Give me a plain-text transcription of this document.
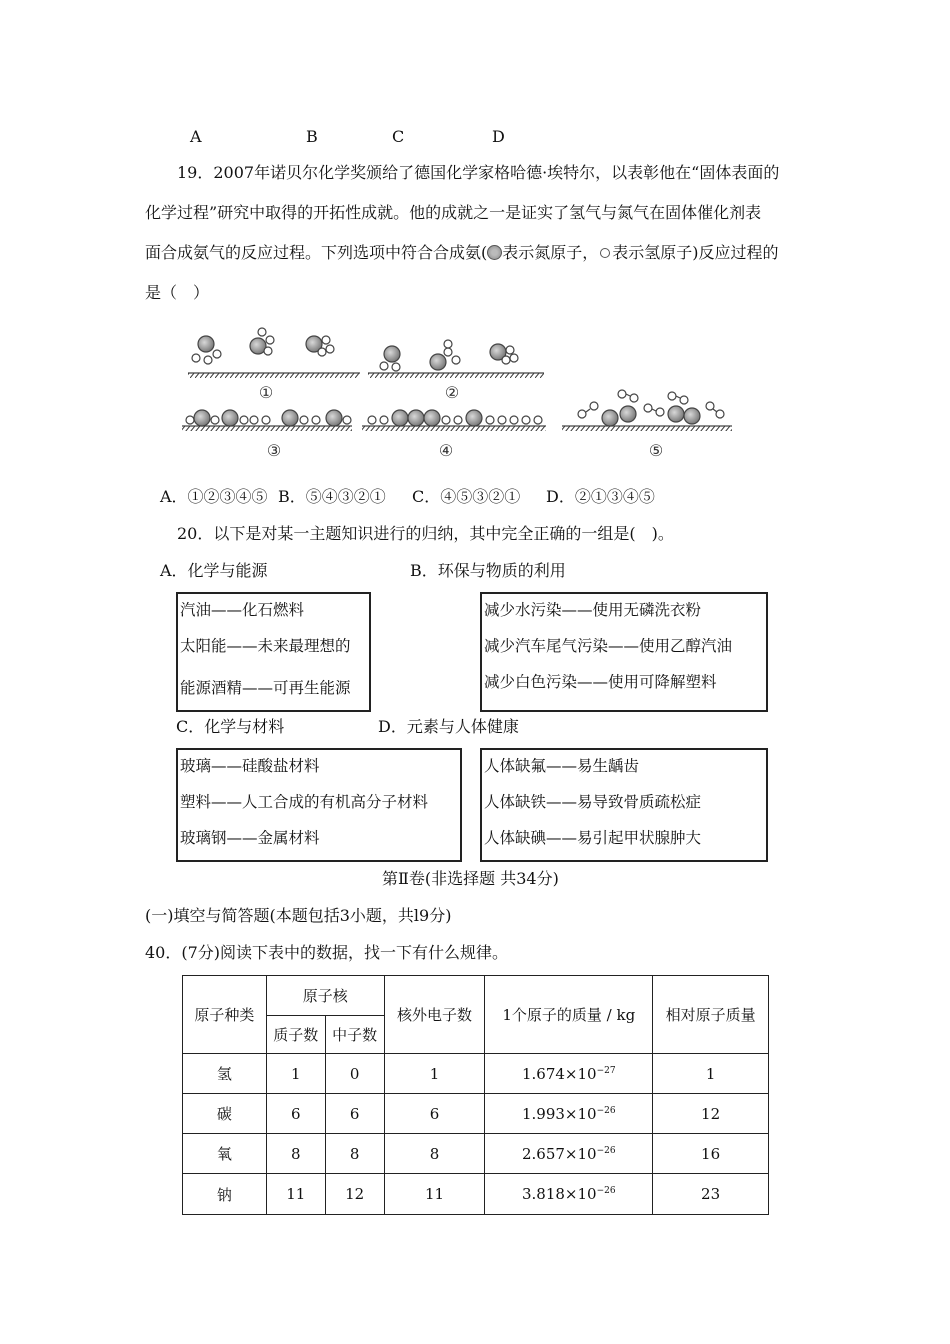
A	B	C	D
19．2007年诺贝尔化学奖颁给了德国化学家格哈德·埃特尔，以表彰他在“固体表面的
化学过程”研究中取得的开拓性成就。他的成就之一是证实了氢气与氮气在固体催化剂表
面合成氨气的反应过程。下列选项中符合合成氨( 表示氮原子， 表示氢原子)反应过程的
是（　）
①	②
③	④	⑤
A．①②③④⑤ B．⑤④③②① C．④⑤③②① D．②①③④⑤
20．以下是对某一主题知识进行的归纳，其中完全正确的一组是(　)。
A．化学与能源	B．环保与物质的利用
汽油——化石燃料
太阳能——未来最理想的
能源酒精——可再生能源
减少水污染——使用无磷洗衣粉
减少汽车尾气污染——使用乙醇汽油
减少白色污染——使用可降解塑料
C．化学与材料	D．元素与人体健康
玻璃——硅酸盐材料
塑料——人工合成的有机高分子材料
玻璃钢——金属材料
人体缺氟——易生龋齿
人体缺铁——易导致骨质疏松症
人体缺碘——易引起甲状腺肿大
第Ⅱ卷(非选择题 共34分)
(一)填空与简答题(本题包括3小题，共l9分)
40．(7分)阅读下表中的数据，找一下有什么规律。
原子种类	原子核		核外电子数	1个原子的质量 / kg	相对原子质量
	质子数	中子数			
氢	1	0	1	$1.674\times 10^{-27}$	1
碳	6	6	6	$1.993\times 10^{-26}$	12
氧	8	8	8	$2.657\times 10^{-26}$	16
钠	11	12	11	$3.818\times 10^{-26}$	23
